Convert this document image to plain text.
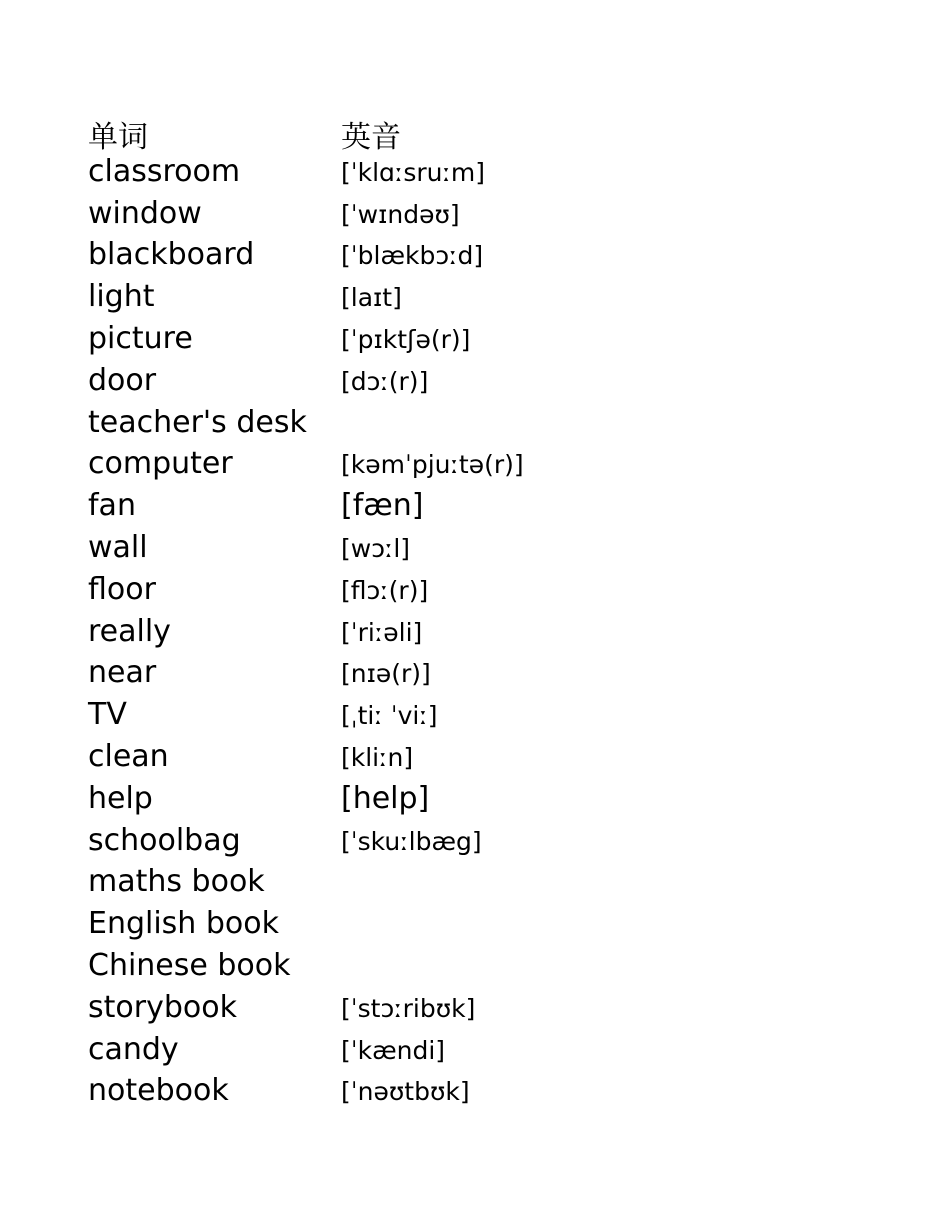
单词	英音
classroom	[ˈklɑːsruːm]
window	[ˈwɪndəʊ]
blackboard	[ˈblækbɔːd]
light	[laɪt]
picture	[ˈpɪktʃə(r)]
door	[dɔː(r)]
teacher's desk
computer	[kəmˈpjuːtə(r)]
fan	[fæn]
wall	[wɔːl]
floor	[flɔː(r)]
really	[ˈriːəli]
near	[nɪə(r)]
TV	[ˌtiː ˈviː]
clean	[kliːn]
help	[help]
schoolbag	[ˈskuːlbæg]
maths book
English book
Chinese book
storybook	[ˈstɔːribʊk]
candy	[ˈkændi]
notebook	[ˈnəʊtbʊk]
